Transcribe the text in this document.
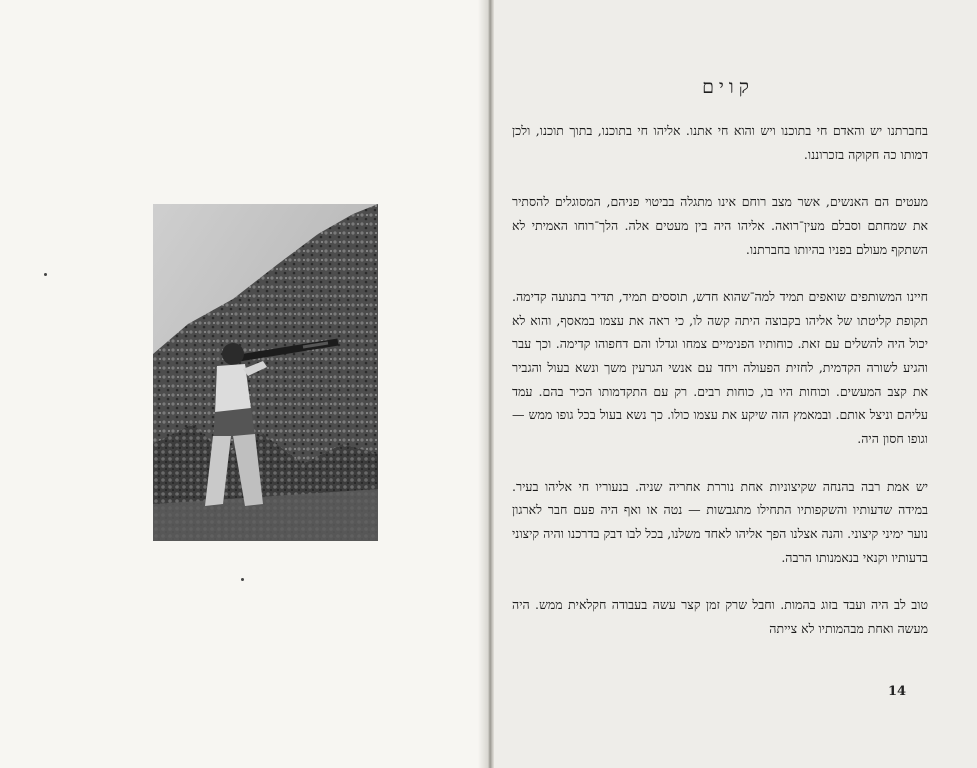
קוים

בחברתנו יש והאדם חי בתוכנו ויש והוא חי אתנו. אליהו חי בתוכנו, בתוך תוכנו, ולכן דמותו כה חקוקה בזכרוננו.

מעטים הם האנשים, אשר מצב רוחם אינו מתגלה בביטוי פניהם, המסוגלים להסתיר את שמחתם וסבלם מעין־רואה. אליהו היה בין מעטים אלה. הלך־רוחו האמיתי לא השתקף מעולם בפניו בהיותו בחברתנו.

חיינו המשותפים שואפים תמיד למה־שהוא חדש, תוססים תמיד, תדיר בתנועה קדימה. תקופת קליטתו של אליהו בקבוצה היתה קשה לו, כי ראה את עצמו במאסף, והוא לא יכול היה להשלים עם זאת. כוחותיו הפנימיים צמחו וגדלו והם דחפוהו קדימה. וכך עבר והגיע לשורה הקדמית, לחזית הפעולה ויחד עם אנשי הגרעין משך ונשא בעול והגביר את קצב המעשים. וכוחות היו בו, כוחות רבים. רק עם התקדמותו הכיר בהם. עמד עליהם וניצל אותם. ובמאמץ הזה שיקע את עצמו כולו. כך נשא בעול בכל גופו ממש — וגופו חסון היה.

יש אמת רבה בהנחה שקיצוניות אחת נוררת אחריה שניה. בנעוריו חי אליהו בעיר. במידה שדעותיו והשקפותיו התחילו מתגבשות — נטה או ואף היה פעם חבר לארגון נוער ימיני קיצוני. והנה אצלנו הפך אליהו לאחד משלנו, בכל לבו דבק בדרכנו והיה קיצוני בדעותיו וקנאי בנאמנותו הרבה.

טוב לב היה ועבד בזוג בהמות. וחבל שרק זמן קצר עשה בעבודה חקלאית ממש. היה מעשה ואחת מבהמותיו לא צייתה

14
